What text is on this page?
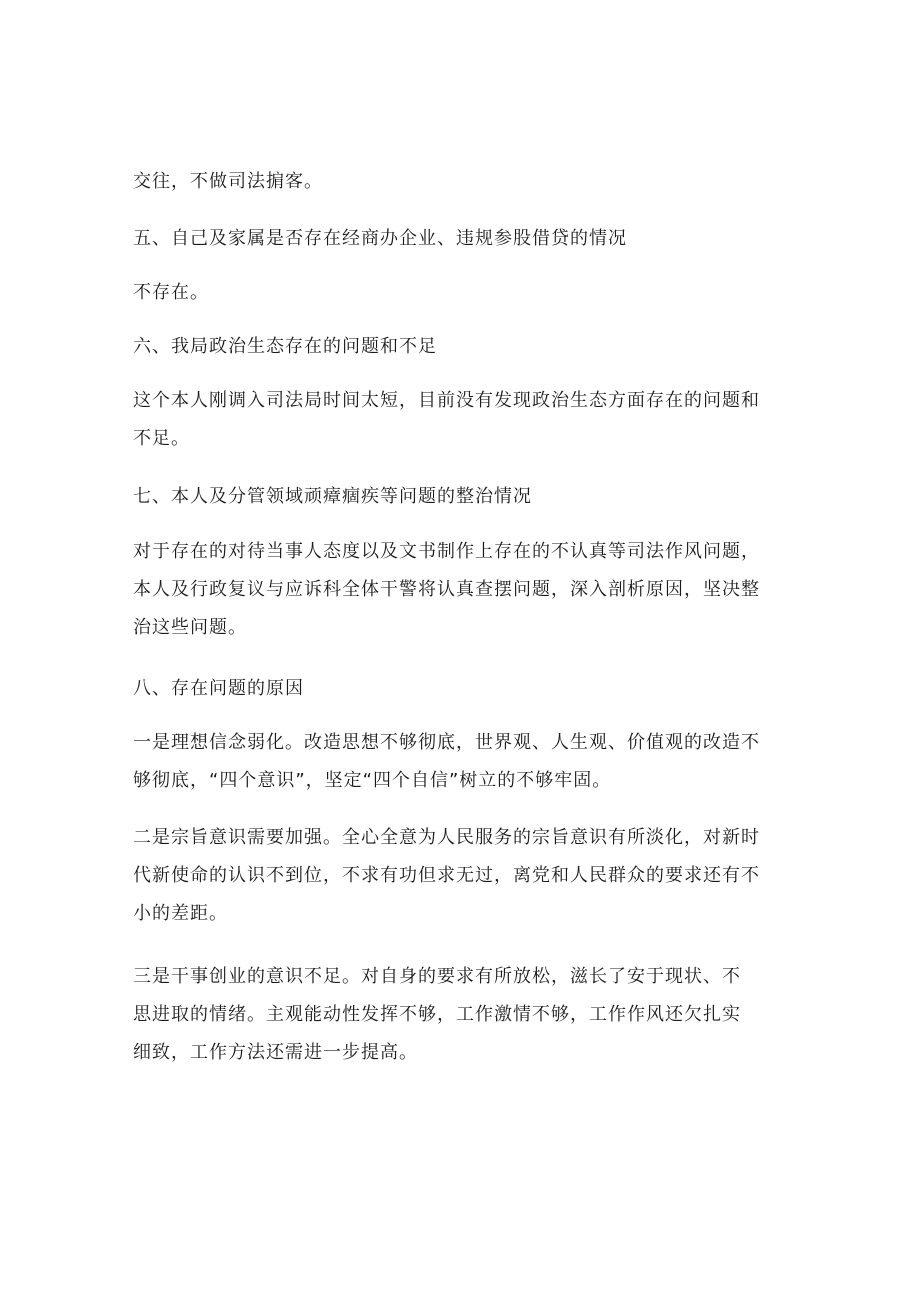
交往，不做司法掮客。
五、自己及家属是否存在经商办企业、违规参股借贷的情况
不存在。
六、我局政治生态存在的问题和不足
这个本人刚调入司法局时间太短，目前没有发现政治生态方面存在的问题和
不足。
七、本人及分管领域顽瘴痼疾等问题的整治情况
对于存在的对待当事人态度以及文书制作上存在的不认真等司法作风问题，
本人及行政复议与应诉科全体干警将认真查摆问题，深入剖析原因，坚决整
治这些问题。
八、存在问题的原因
一是理想信念弱化。改造思想不够彻底，世界观、人生观、价值观的改造不
够彻底，“四个意识”，坚定“四个自信”树立的不够牢固。
二是宗旨意识需要加强。全心全意为人民服务的宗旨意识有所淡化，对新时
代新使命的认识不到位，不求有功但求无过，离党和人民群众的要求还有不
小的差距。
三是干事创业的意识不足。对自身的要求有所放松，滋长了安于现状、不
思进取的情绪。主观能动性发挥不够，工作激情不够，工作作风还欠扎实
细致，工作方法还需进一步提高。
